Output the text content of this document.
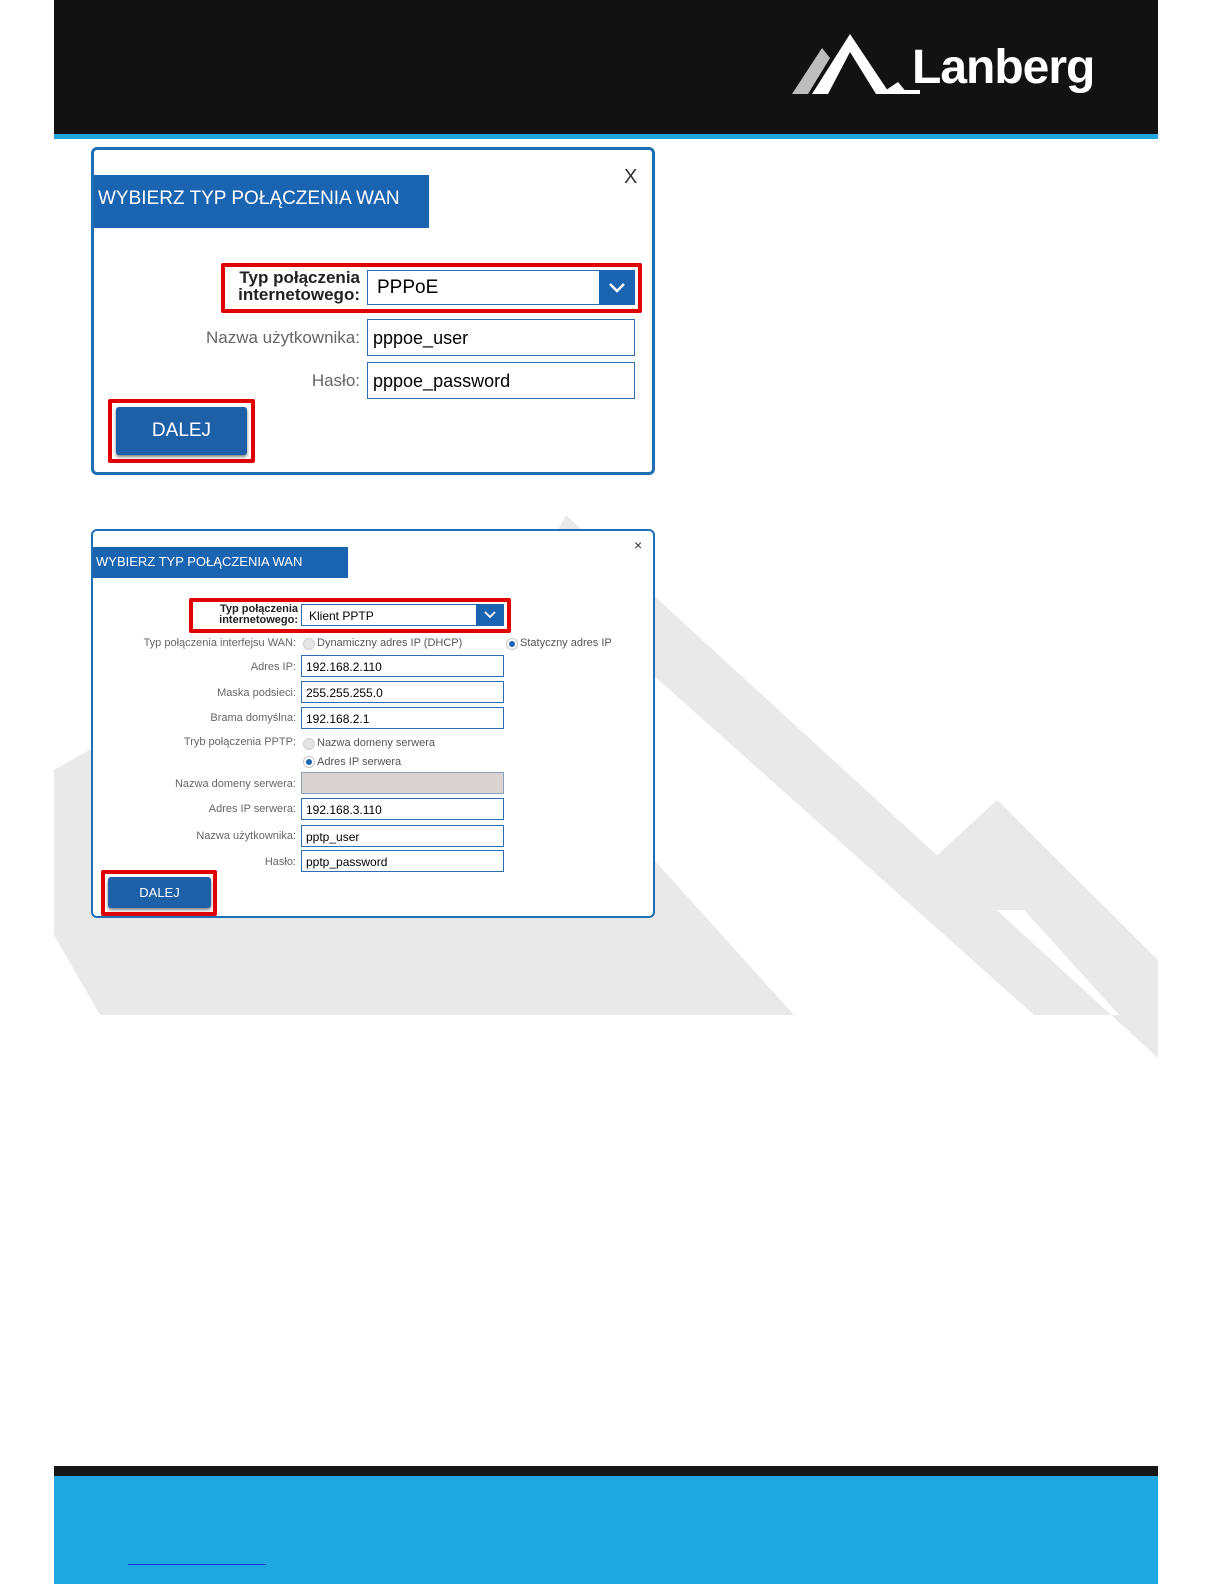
Lanberg
X
WYBIERZ TYP POŁĄCZENIA WAN
Typ połączenia internetowego: PPPoE
Nazwa użytkownika: pppoe_user
Hasło: pppoe_password
DALEJ
×
WYBIERZ TYP POŁĄCZENIA WAN
Typ połączenia internetowego: Klient PPTP
Typ połączenia interfejsu WAN: Dynamiczny adres IP (DHCP)	Statyczny adres IP
Adres IP: 192.168.2.110
Maska podsieci: 255.255.255.0
Brama domyślna: 192.168.2.1
Tryb połączenia PPTP: Nazwa domeny serwera
Adres IP serwera
Nazwa domeny serwera:
Adres IP serwera: 192.168.3.110
Nazwa użytkownika: pptp_user
Hasło: pptp_password
DALEJ
